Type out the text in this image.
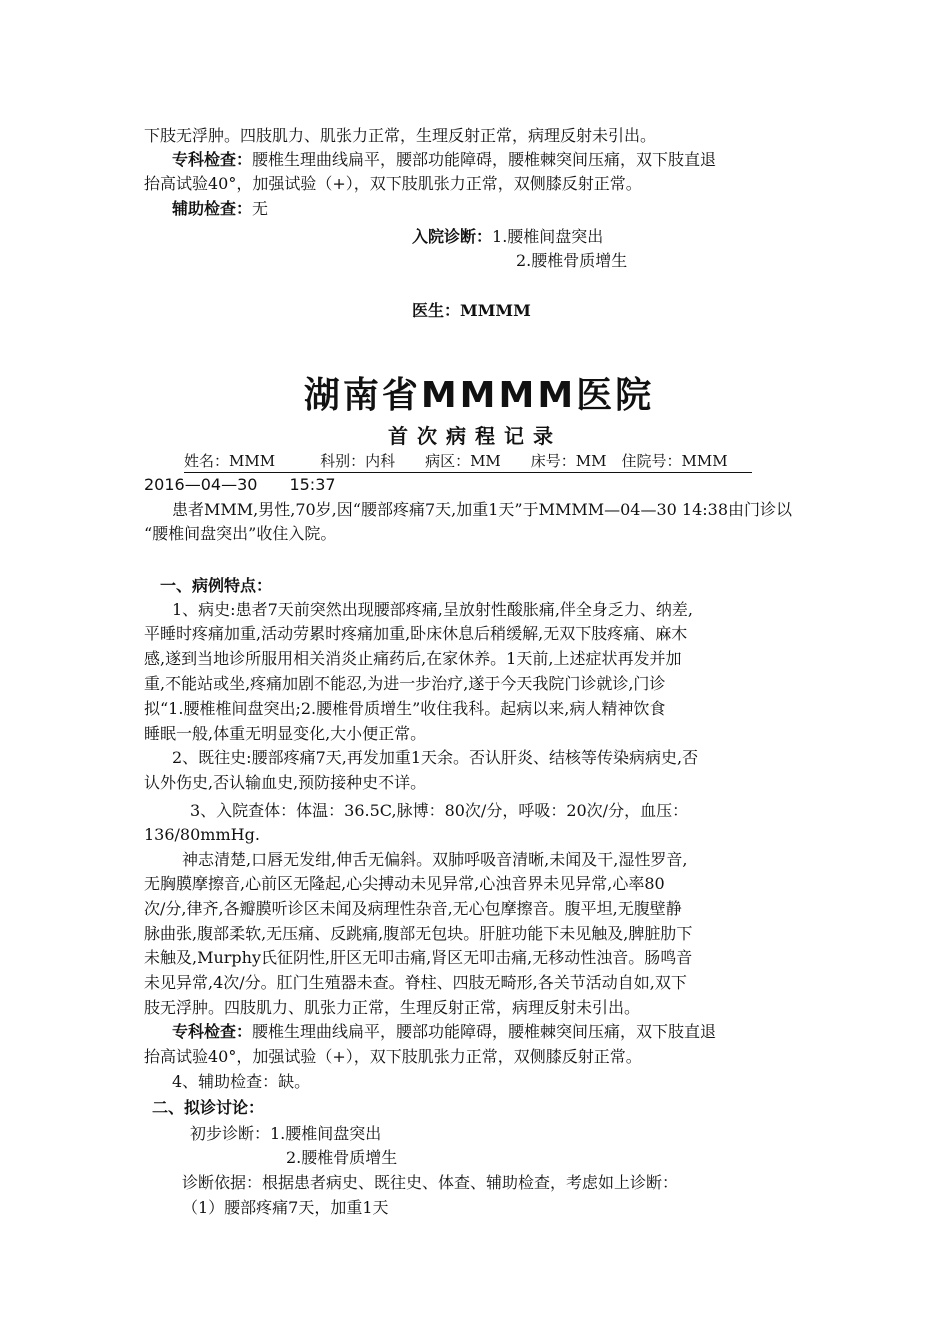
下肢无浮肿。四肢肌力、肌张力正常，生理反射正常，病理反射未引出。
专科检查：腰椎生理曲线扁平，腰部功能障碍，腰椎棘突间压痛，双下肢直退
抬高试验40°，加强试验（+），双下肢肌张力正常，双侧膝反射正常。
辅助检查：无
入院诊断：1.腰椎间盘突出
2.腰椎骨质增生
医生：MMMM
湖南省MMMM医院
首次病程记录
姓名：MMM　　　科别：内科　　病区：MM　　床号：MM　住院号：MMM
2016—04—30　　15:37
患者MMM,男性,70岁,因“腰部疼痛7天,加重1天”于MMMM—04—30 14:38由门诊以
“腰椎间盘突出”收住入院。
一、病例特点：
1、病史:患者7天前突然出现腰部疼痛,呈放射性酸胀痛,伴全身乏力、纳差,
平睡时疼痛加重,活动劳累时疼痛加重,卧床休息后稍缓解,无双下肢疼痛、麻木
感,遂到当地诊所服用相关消炎止痛药后,在家休养。1天前,上述症状再发并加
重,不能站或坐,疼痛加剧不能忍,为进一步治疗,遂于今天我院门诊就诊,门诊
拟“1.腰椎椎间盘突出;2.腰椎骨质增生”收住我科。起病以来,病人精神饮食
睡眠一般,体重无明显变化,大小便正常。
2、既往史:腰部疼痛7天,再发加重1天余。否认肝炎、结核等传染病病史,否
认外伤史,否认输血史,预防接种史不详。
3、入院查体：体温：36.5C,脉博：80次/分，呼吸：20次/分，血压：
136/80mmHg.
神志清楚,口唇无发绀,伸舌无偏斜。双肺呼吸音清晰,未闻及干,湿性罗音,
无胸膜摩擦音,心前区无隆起,心尖搏动未见异常,心浊音界未见异常,心率80
次/分,律齐,各瓣膜听诊区未闻及病理性杂音,无心包摩擦音。腹平坦,无腹壁静
脉曲张,腹部柔软,无压痛、反跳痛,腹部无包块。肝脏功能下未见触及,脾脏肋下
未触及,Murphy氏征阴性,肝区无叩击痛,肾区无叩击痛,无移动性浊音。肠鸣音
未见异常,4次/分。肛门生殖器未查。脊柱、四肢无畸形,各关节活动自如,双下
肢无浮肿。四肢肌力、肌张力正常，生理反射正常，病理反射未引出。
专科检查：腰椎生理曲线扁平，腰部功能障碍，腰椎棘突间压痛，双下肢直退
抬高试验40°，加强试验（+），双下肢肌张力正常，双侧膝反射正常。
4、辅助检查：缺。
二、拟诊讨论：
初步诊断：1.腰椎间盘突出
2.腰椎骨质增生
诊断依据：根据患者病史、既往史、体查、辅助检查，考虑如上诊断：
（1）腰部疼痛7天，加重1天
